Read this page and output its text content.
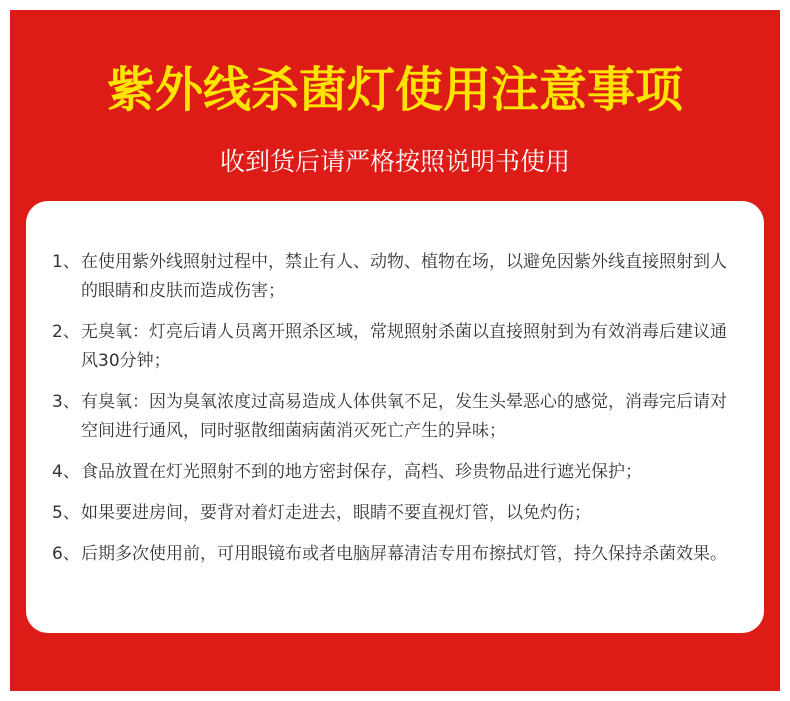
紫外线杀菌灯使用注意事项
收到货后请严格按照说明书使用
1、 在使用紫外线照射过程中，禁止有人、动物、植物在场，以避免因紫外线直接照射到人的眼睛和皮肤而造成伤害；
2、 无臭氧：灯亮后请人员离开照杀区域，常规照射杀菌以直接照射到为有效消毒后建议通风30分钟；
3、 有臭氧：因为臭氧浓度过高易造成人体供氧不足，发生头晕恶心的感觉，消毒完后请对空间进行通风，同时驱散细菌病菌消灭死亡产生的异味；
4、 食品放置在灯光照射不到的地方密封保存，高档、珍贵物品进行遮光保护；
5、 如果要进房间，要背对着灯走进去，眼睛不要直视灯管，以免灼伤；
6、 后期多次使用前，可用眼镜布或者电脑屏幕清洁专用布擦拭灯管，持久保持杀菌效果。
